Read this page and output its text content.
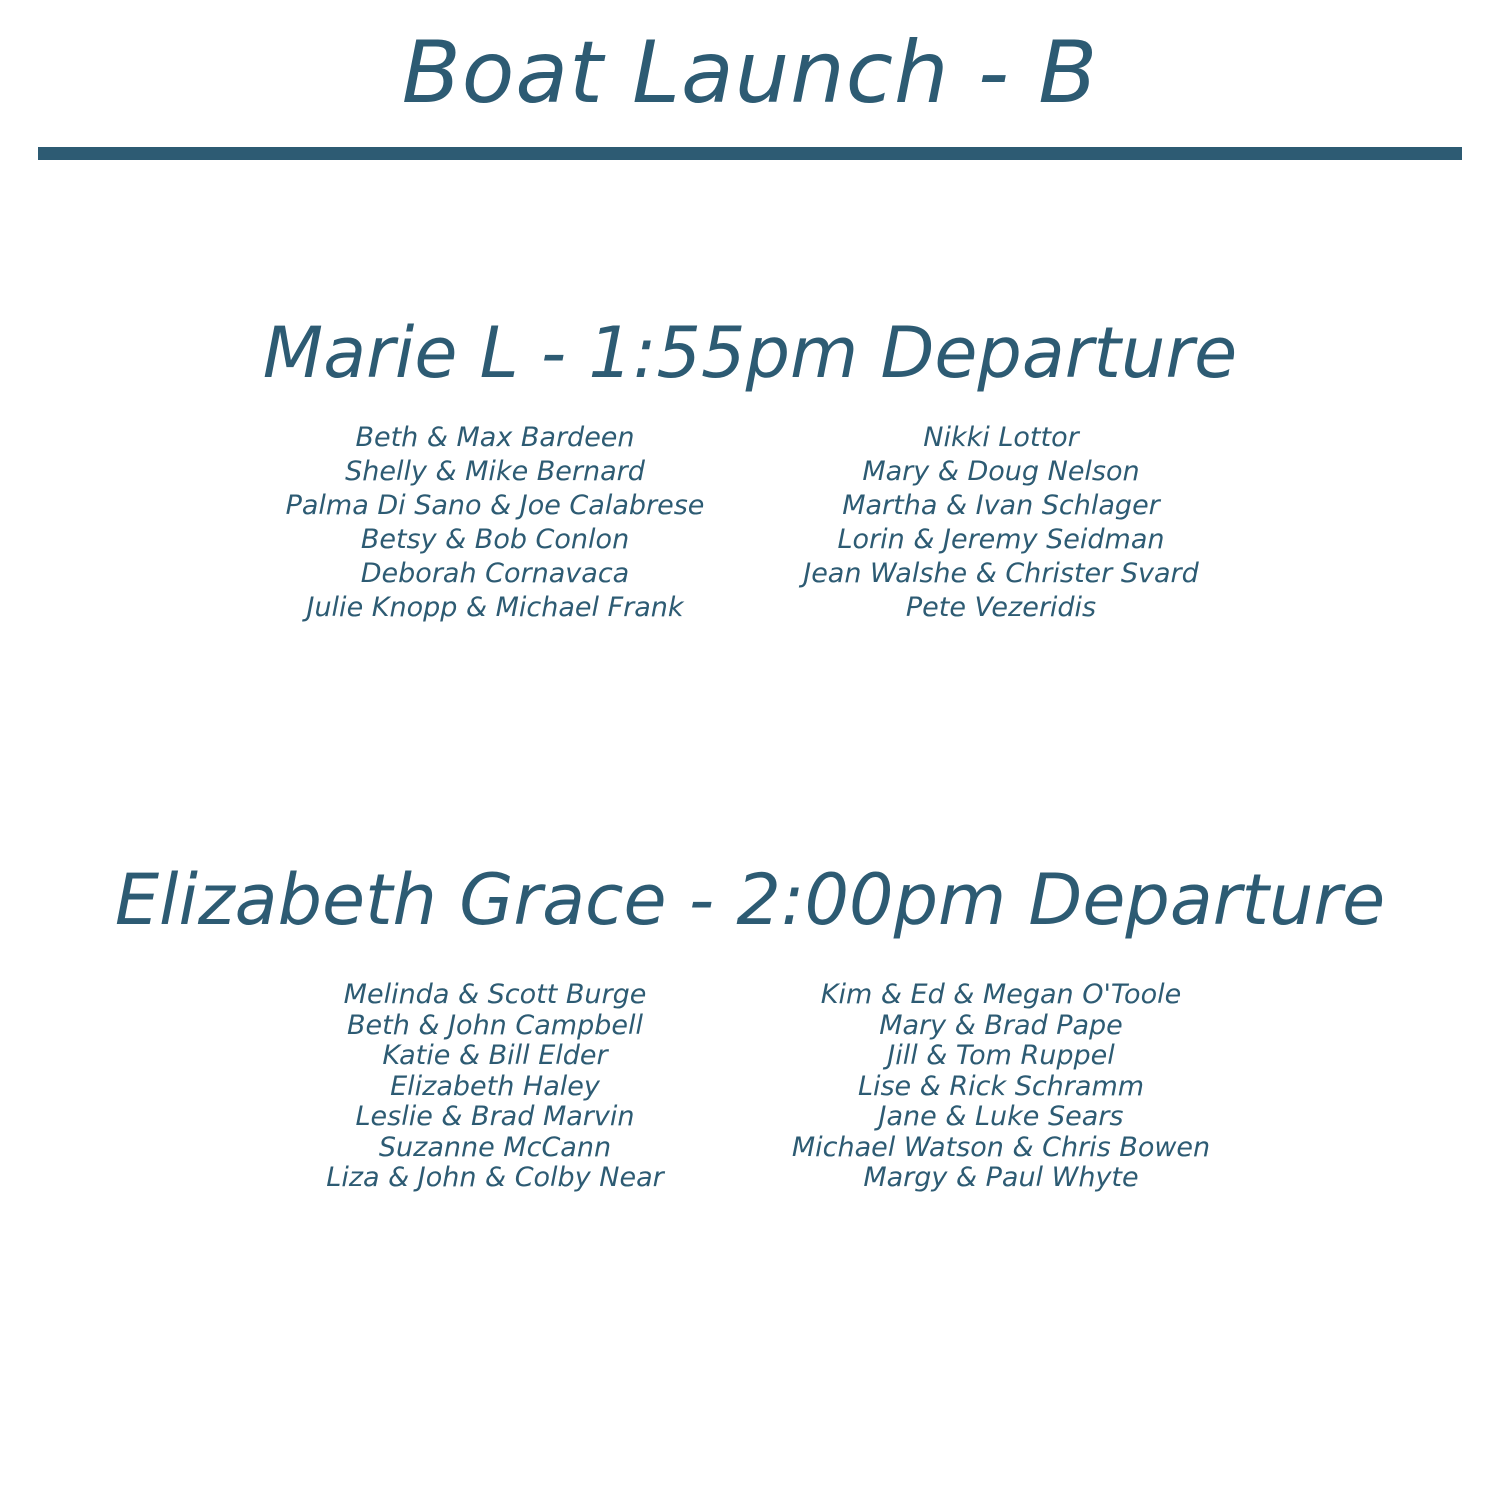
Boat Launch - B
Marie L - 1:55pm Departure
Beth & Max Bardeen
Shelly & Mike Bernard
Palma Di Sano & Joe Calabrese
Betsy & Bob Conlon
Deborah Cornavaca
Julie Knopp & Michael Frank
Nikki Lottor
Mary & Doug Nelson
Martha & Ivan Schlager
Lorin & Jeremy Seidman
Jean Walshe & Christer Svard
Pete Vezeridis
Elizabeth Grace - 2:00pm Departure
Melinda & Scott Burge
Beth & John Campbell
Katie & Bill Elder
Elizabeth Haley
Leslie & Brad Marvin
Suzanne McCann
Liza & John & Colby Near
Kim & Ed & Megan O'Toole
Mary & Brad Pape
Jill & Tom Ruppel
Lise & Rick Schramm
Jane & Luke Sears
Michael Watson & Chris Bowen
Margy & Paul Whyte
